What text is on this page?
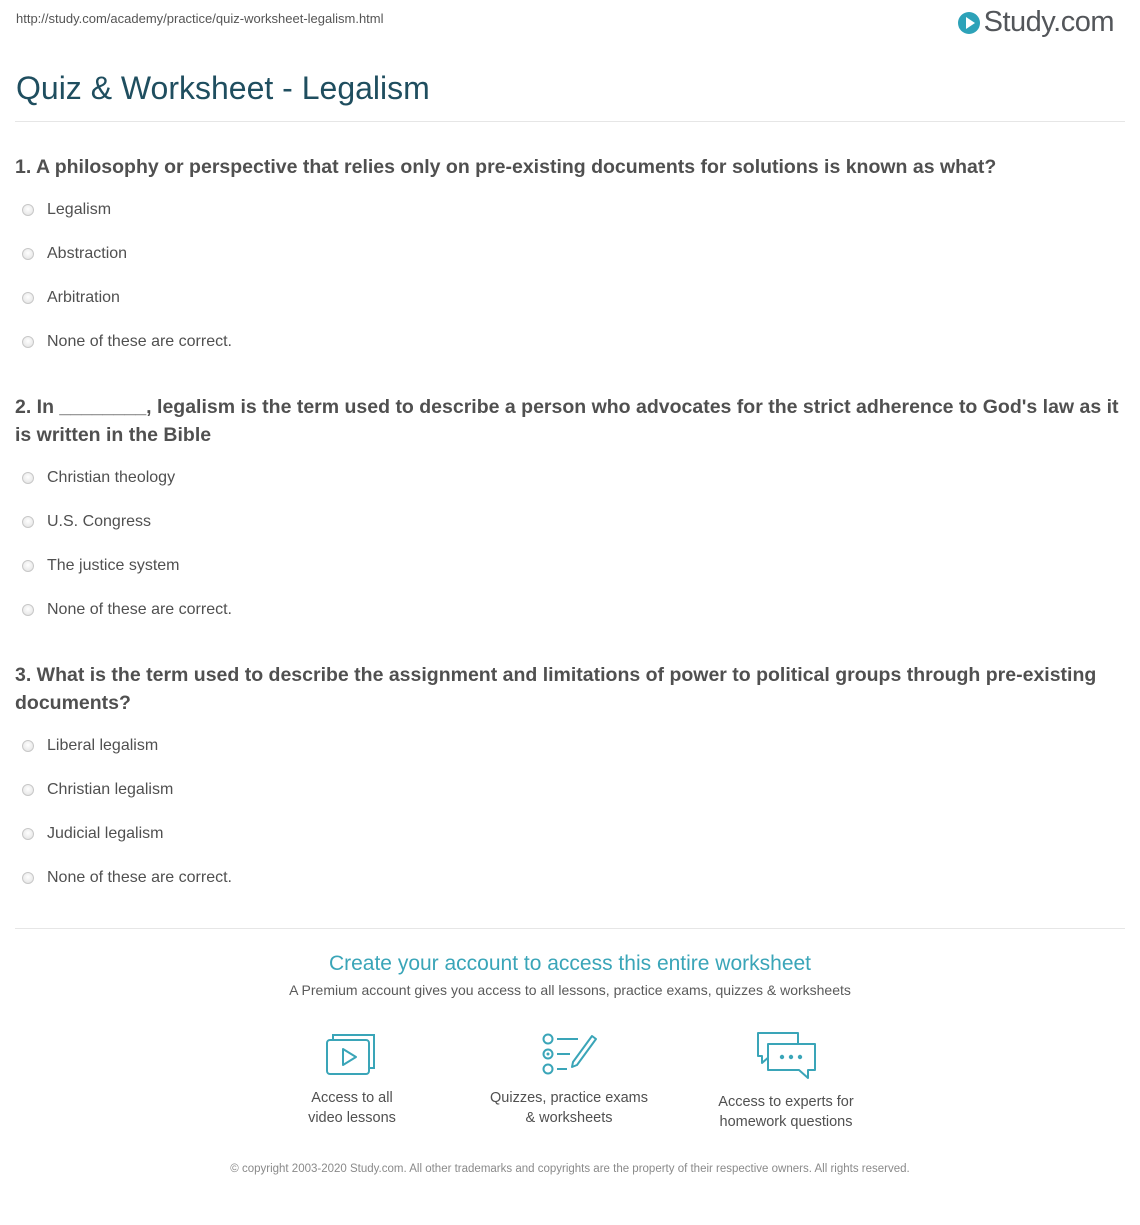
http://study.com/academy/practice/quiz-worksheet-legalism.html	Study.com
Quiz & Worksheet - Legalism
1. A philosophy or perspective that relies only on pre-existing documents for solutions is known as what?
Legalism
Abstraction
Arbitration
None of these are correct.
2. In ________, legalism is the term used to describe a person who advocates for the strict adherence to God's law as it is written in the Bible
Christian theology
U.S. Congress
The justice system
None of these are correct.
3. What is the term used to describe the assignment and limitations of power to political groups through pre-existing documents?
Liberal legalism
Christian legalism
Judicial legalism
None of these are correct.
Create your account to access this entire worksheet
A Premium account gives you access to all lessons, practice exams, quizzes & worksheets
Access to all
video lessons
Quizzes, practice exams
& worksheets
Access to experts for
homework questions
© copyright 2003-2020 Study.com. All other trademarks and copyrights are the property of their respective owners. All rights reserved.
